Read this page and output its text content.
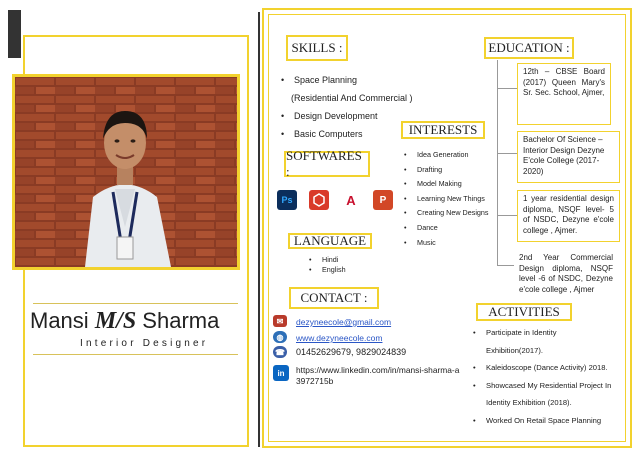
Mansi M/S Sharma
Interior Designer
SKILLS :
• Space Planning
(Residential And Commercial )
• Design Development
• Basic Computers
SOFTWARES :
Ps	A	P
INTERESTS
• Idea Generation
• Drafting
• Model Making
• Learning New Things
• Creating New Designs
• Dance
• Music
LANGUAGE
• Hindi
• English
CONTACT :
✉	dezyneecole@gmail.com
◍	www.dezyneecole.com
☎ 01452629679, 9829024839
in	https://www.linkedin.com/in/mansi-sharma-a3972715b
EDUCATION :
12th – CBSE Board (2017) Queen Mary's Sr. Sec. School, Ajmer,
Bachelor Of Science – Interior Design Dezyne E'cole College (2017-2020)
1 year residential design diploma, NSQF level- 5 of NSDC, Dezyne e'cole college , Ajmer.
2nd Year Commercial Design diploma, NSQF level -6 of NSDC, Dezyne e'cole college , Ajmer
ACTIVITIES
• Participate in Identity
Exhibition(2017).
• Kaleidoscope (Dance Activity) 2018.
• Showcased My Residential Project In
Identity Exhibition (2018).
• Worked On Retail Space Planning
